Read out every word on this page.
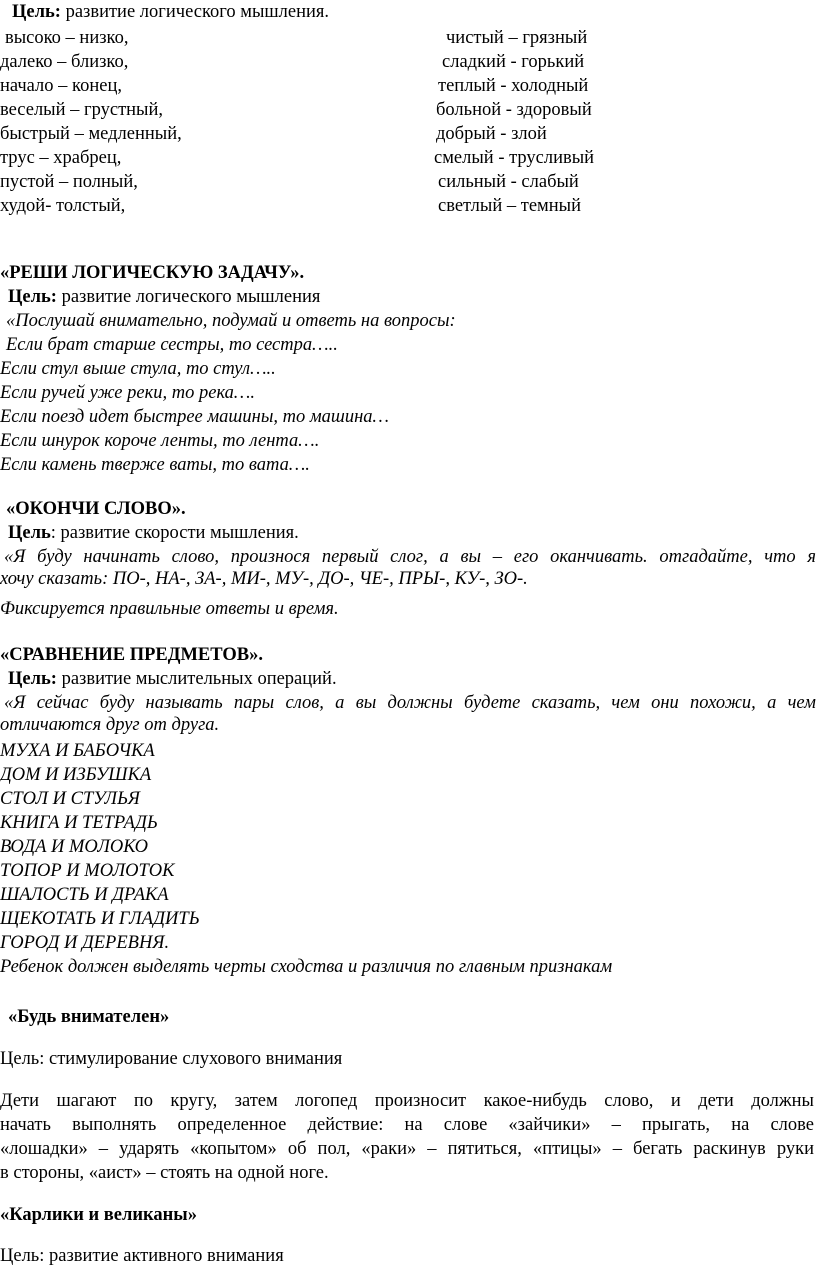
Цель: развитие логического мышления.
высоко – низко,	чистый – грязный
далеко – близко,	сладкий - горький
начало – конец,	теплый - холодный
веселый – грустный,	больной - здоровый
быстрый – медленный,	добрый - злой
трус – храбрец,	смелый - трусливый
пустой – полный,	сильный - слабый
худой- толстый,	светлый – темный
«РЕШИ ЛОГИЧЕСКУЮ ЗАДАЧУ».
Цель: развитие логического мышления
«Послушай внимательно, подумай и ответь на вопросы:
Если брат старше сестры, то сестра…..
Если стул выше стула, то стул…..
Если ручей уже реки, то река….
Если поезд идет быстрее машины, то машина…
Если шнурок короче ленты, то лента….
Если камень тверже ваты, то вата….
«ОКОНЧИ СЛОВО».
Цель: развитие скорости мышления.
«Я буду начинать слово, произнося первый слог, а вы – его оканчивать. отгадайте, что я
хочу сказать: ПО-, НА-, ЗА-, МИ-, МУ-, ДО-, ЧЕ-, ПРЫ-, КУ-, ЗО-.
Фиксируется правильные ответы и время.
«СРАВНЕНИЕ ПРЕДМЕТОВ».
Цель: развитие мыслительных операций.
«Я сейчас буду называть пары слов, а вы должны будете сказать, чем они похожи, а чем
отличаются друг от друга.
МУХА И БАБОЧКА
ДОМ И ИЗБУШКА
СТОЛ И СТУЛЬЯ
КНИГА И ТЕТРАДЬ
ВОДА И МОЛОКО
ТОПОР И МОЛОТОК
ШАЛОСТЬ И ДРАКА
ЩЕКОТАТЬ И ГЛАДИТЬ
ГОРОД И ДЕРЕВНЯ.
Ребенок должен выделять черты сходства и различия по главным признакам
«Будь внимателен»
Цель: стимулирование слухового внимания
Дети шагают по кругу, затем логопед произносит какое-нибудь слово, и дети должны
начать выполнять определенное действие: на слове «зайчики» – прыгать, на слове
«лошадки» – ударять «копытом» об пол, «раки» – пятиться, «птицы» – бегать раскинув руки
в стороны, «аист» – стоять на одной ноге.
«Карлики и великаны»
Цель: развитие активного внимания
